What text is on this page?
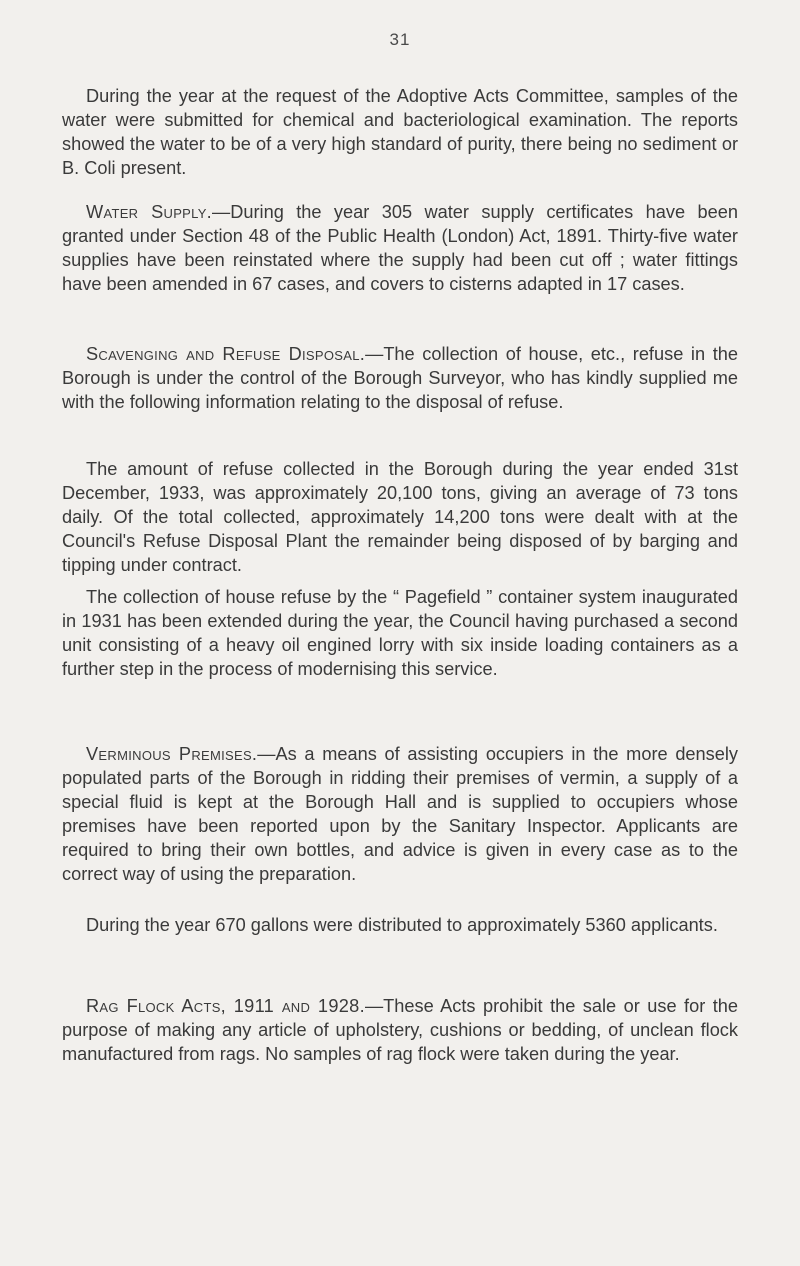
31

During the year at the request of the Adoptive Acts Committee, samples of the water were submitted for chemical and bacteriological examination. The reports showed the water to be of a very high standard of purity, there being no sediment or B. Coli present.

Water Supply.—During the year 305 water supply certificates have been granted under Section 48 of the Public Health (London) Act, 1891. Thirty-five water supplies have been reinstated where the supply had been cut off ; water fittings have been amended in 67 cases, and covers to cisterns adapted in 17 cases.

Scavenging and Refuse Disposal.—The collection of house, etc., refuse in the Borough is under the control of the Borough Surveyor, who has kindly supplied me with the following information relating to the disposal of refuse.

The amount of refuse collected in the Borough during the year ended 31st December, 1933, was approximately 20,100 tons, giving an average of 73 tons daily. Of the total collected, approximately 14,200 tons were dealt with at the Council's Refuse Disposal Plant the remainder being disposed of by barging and tipping under contract.

The collection of house refuse by the “ Pagefield ” container system inaugurated in 1931 has been extended during the year, the Council having purchased a second unit consisting of a heavy oil engined lorry with six inside loading containers as a further step in the process of modernising this service.

Verminous Premises.—As a means of assisting occupiers in the more densely populated parts of the Borough in ridding their premises of vermin, a supply of a special fluid is kept at the Borough Hall and is supplied to occupiers whose premises have been reported upon by the Sanitary Inspector. Applicants are required to bring their own bottles, and advice is given in every case as to the correct way of using the preparation.

During the year 670 gallons were distributed to approximately 5360 applicants.

Rag Flock Acts, 1911 and 1928.—These Acts prohibit the sale or use for the purpose of making any article of upholstery, cushions or bedding, of unclean flock manufactured from rags. No samples of rag flock were taken during the year.
